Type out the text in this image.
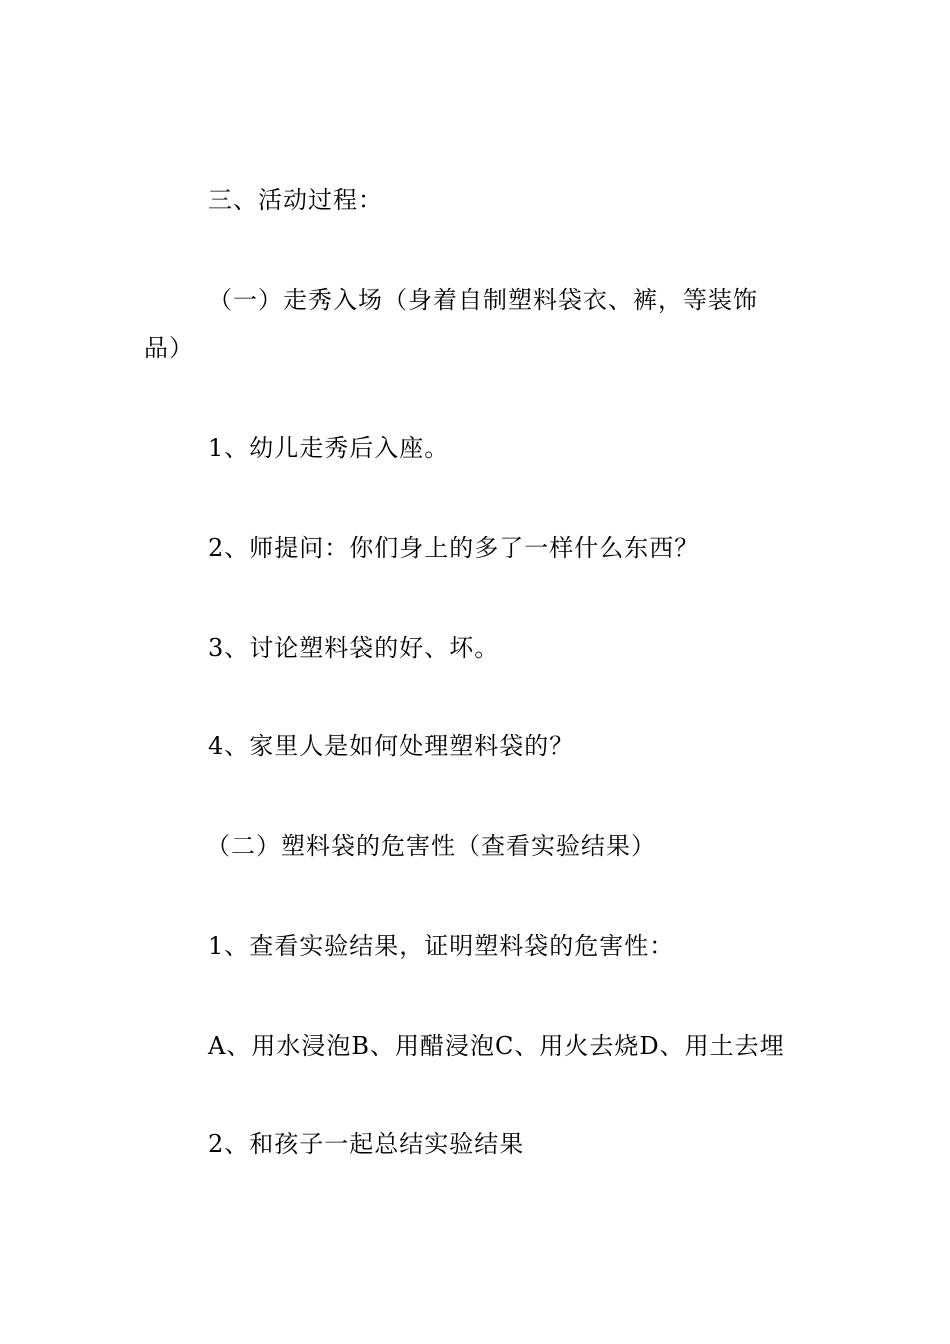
三、活动过程：
（一）走秀入场（身着自制塑料袋衣、裤，等装饰
品）
1、幼儿走秀后入座。
2、师提问：你们身上的多了一样什么东西？
3、讨论塑料袋的好、坏。
4、家里人是如何处理塑料袋的？
（二）塑料袋的危害性（查看实验结果）
1、查看实验结果，证明塑料袋的危害性：
A、用水浸泡B、用醋浸泡C、用火去烧D、用土去埋
2、和孩子一起总结实验结果
